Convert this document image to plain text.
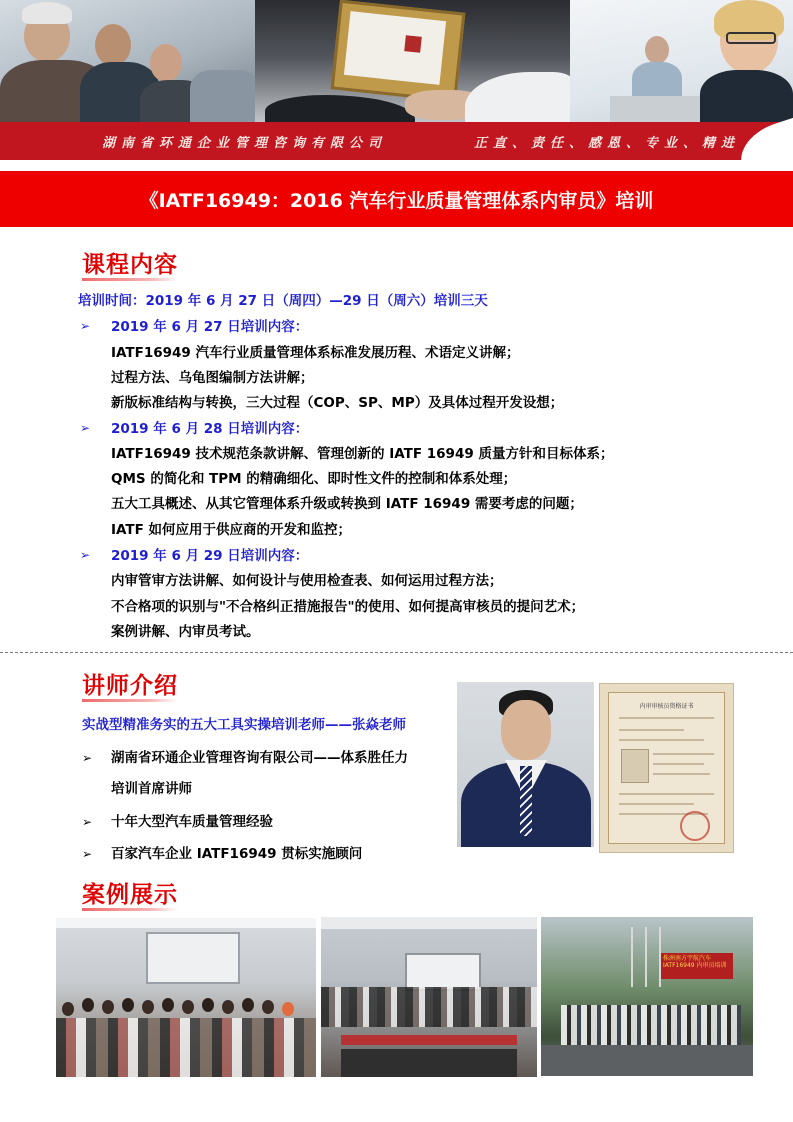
湖南省环通企业管理咨询有限公司	正直、责任、感恩、专业、精进
《IATF16949：2016 汽车行业质量管理体系内审员》培训
课程内容
培训时间：2019 年 6 月 27 日（周四）—29 日（周六）培训三天
➢ 2019 年 6 月 27 日培训内容：
IATF16949 汽车行业质量管理体系标准发展历程、术语定义讲解；
过程方法、乌龟图编制方法讲解；
新版标准结构与转换，三大过程（COP、SP、MP）及具体过程开发设想；
➢ 2019 年 6 月 28 日培训内容：
IATF16949 技术规范条款讲解、管理创新的 IATF 16949 质量方针和目标体系；
QMS 的简化和 TPM 的精确细化、即时性文件的控制和体系处理；
五大工具概述、从其它管理体系升级或转换到 IATF 16949 需要考虑的问题；
IATF 如何应用于供应商的开发和监控；
➢ 2019 年 6 月 29 日培训内容：
内审管审方法讲解、如何设计与使用检查表、如何运用过程方法；
不合格项的识别与"不合格纠正措施报告"的使用、如何提高审核员的提问艺术；
案例讲解、内审员考试。
讲师介绍
实战型精准务实的五大工具实操培训老师——张焱老师
➢ 湖南省环通企业管理咨询有限公司——体系胜任力
培训首席讲师
➢ 十年大型汽车质量管理经验
➢ 百家汽车企业 IATF16949 贯标实施顾问
内审审核员资格证书
案例展示
株洲南方宇航汽车 IATF16949 内审员培训
